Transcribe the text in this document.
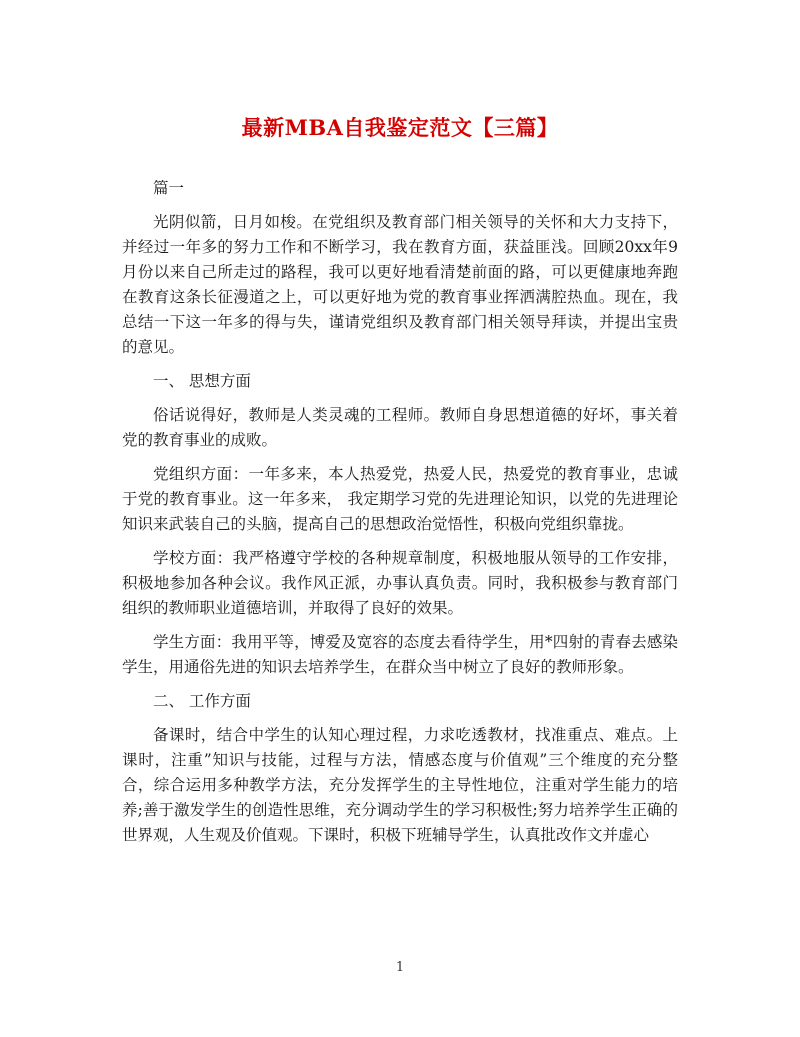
最新MBA自我鉴定范文【三篇】

篇一

光阴似箭，日月如梭。在党组织及教育部门相关领导的关怀和大力支持下，并经过一年多的努力工作和不断学习，我在教育方面，获益匪浅。回顾20xx年9月份以来自己所走过的路程，我可以更好地看清楚前面的路，可以更健康地奔跑在教育这条长征漫道之上，可以更好地为党的教育事业挥洒满腔热血。现在，我总结一下这一年多的得与失，谨请党组织及教育部门相关领导拜读，并提出宝贵的意见。

一、 思想方面

俗话说得好，教师是人类灵魂的工程师。教师自身思想道德的好坏，事关着党的教育事业的成败。

党组织方面：一年多来，本人热爱党，热爱人民，热爱党的教育事业，忠诚于党的教育事业。这一年多来， 我定期学习党的先进理论知识，以党的先进理论知识来武装自己的头脑，提高自己的思想政治觉悟性，积极向党组织靠拢。

学校方面：我严格遵守学校的各种规章制度，积极地服从领导的工作安排，积极地参加各种会议。我作风正派，办事认真负责。同时，我积极参与教育部门组织的教师职业道德培训，并取得了良好的效果。

学生方面：我用平等，博爱及宽容的态度去看待学生，用*四射的青春去感染学生，用通俗先进的知识去培养学生，在群众当中树立了良好的教师形象。

二、 工作方面

备课时，结合中学生的认知心理过程，力求吃透教材，找准重点、难点。上课时，注重”知识与技能，过程与方法，情感态度与价值观”三个维度的充分整合，综合运用多种教学方法，充分发挥学生的主导性地位，注重对学生能力的培养;善于激发学生的创造性思维，充分调动学生的学习积极性;努力培养学生正确的世界观，人生观及价值观。下课时，积极下班辅导学生，认真批改作文并虚心

1
